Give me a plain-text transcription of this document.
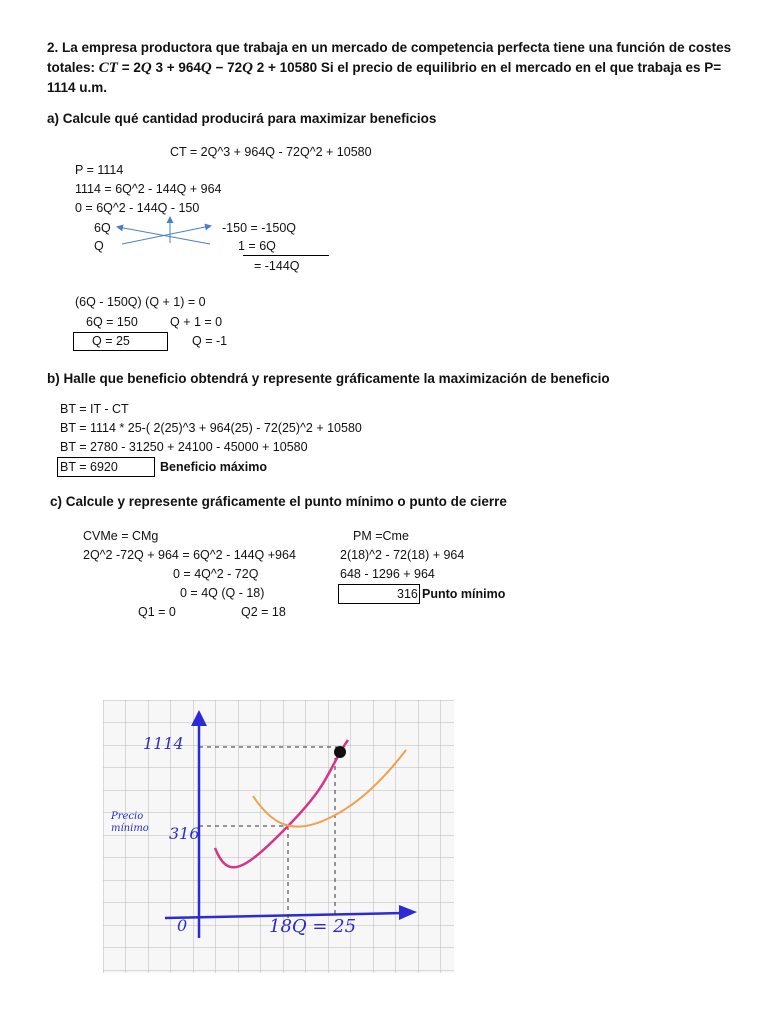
2. La empresa productora que trabaja en un mercado de competencia perfecta tiene una función de costes
totales: CT = 2Q 3 + 964Q − 72Q 2 + 10580 Si el precio de equilibrio en el mercado en el que trabaja es P=
1114 u.m.
a) Calcule qué cantidad producirá para maximizar beneficios
CT = 2Q^3 + 964Q - 72Q^2 + 10580
P = 1114
1114 = 6Q^2 - 144Q + 964
0 = 6Q^2 - 144Q - 150
6Q
Q
-150 = -150Q
1 = 6Q
= -144Q
(6Q - 150Q) (Q + 1) = 0
6Q = 150	Q + 1 = 0
Q = 25	Q = -1
b) Halle que beneficio obtendrá y represente gráficamente la maximización de beneficio
BT = IT - CT
BT = 1114 * 25-( 2(25)^3 + 964(25) - 72(25)^2 + 10580
BT = 2780 - 31250 + 24100 - 45000 + 10580
BT = 6920	Beneficio máximo
c) Calcule y represente gráficamente el punto mínimo o punto de cierre
CVMe = CMg
2Q^2 -72Q + 964 = 6Q^2 - 144Q +964
0 = 4Q^2 - 72Q
0 = 4Q (Q - 18)
Q1 = 0	Q2 = 18
PM =Cme
2(18)^2 - 72(18) + 964
648 - 1296 + 964
316 Punto mínimo
1114
Precio
mínimo 316
0	18Q = 25
